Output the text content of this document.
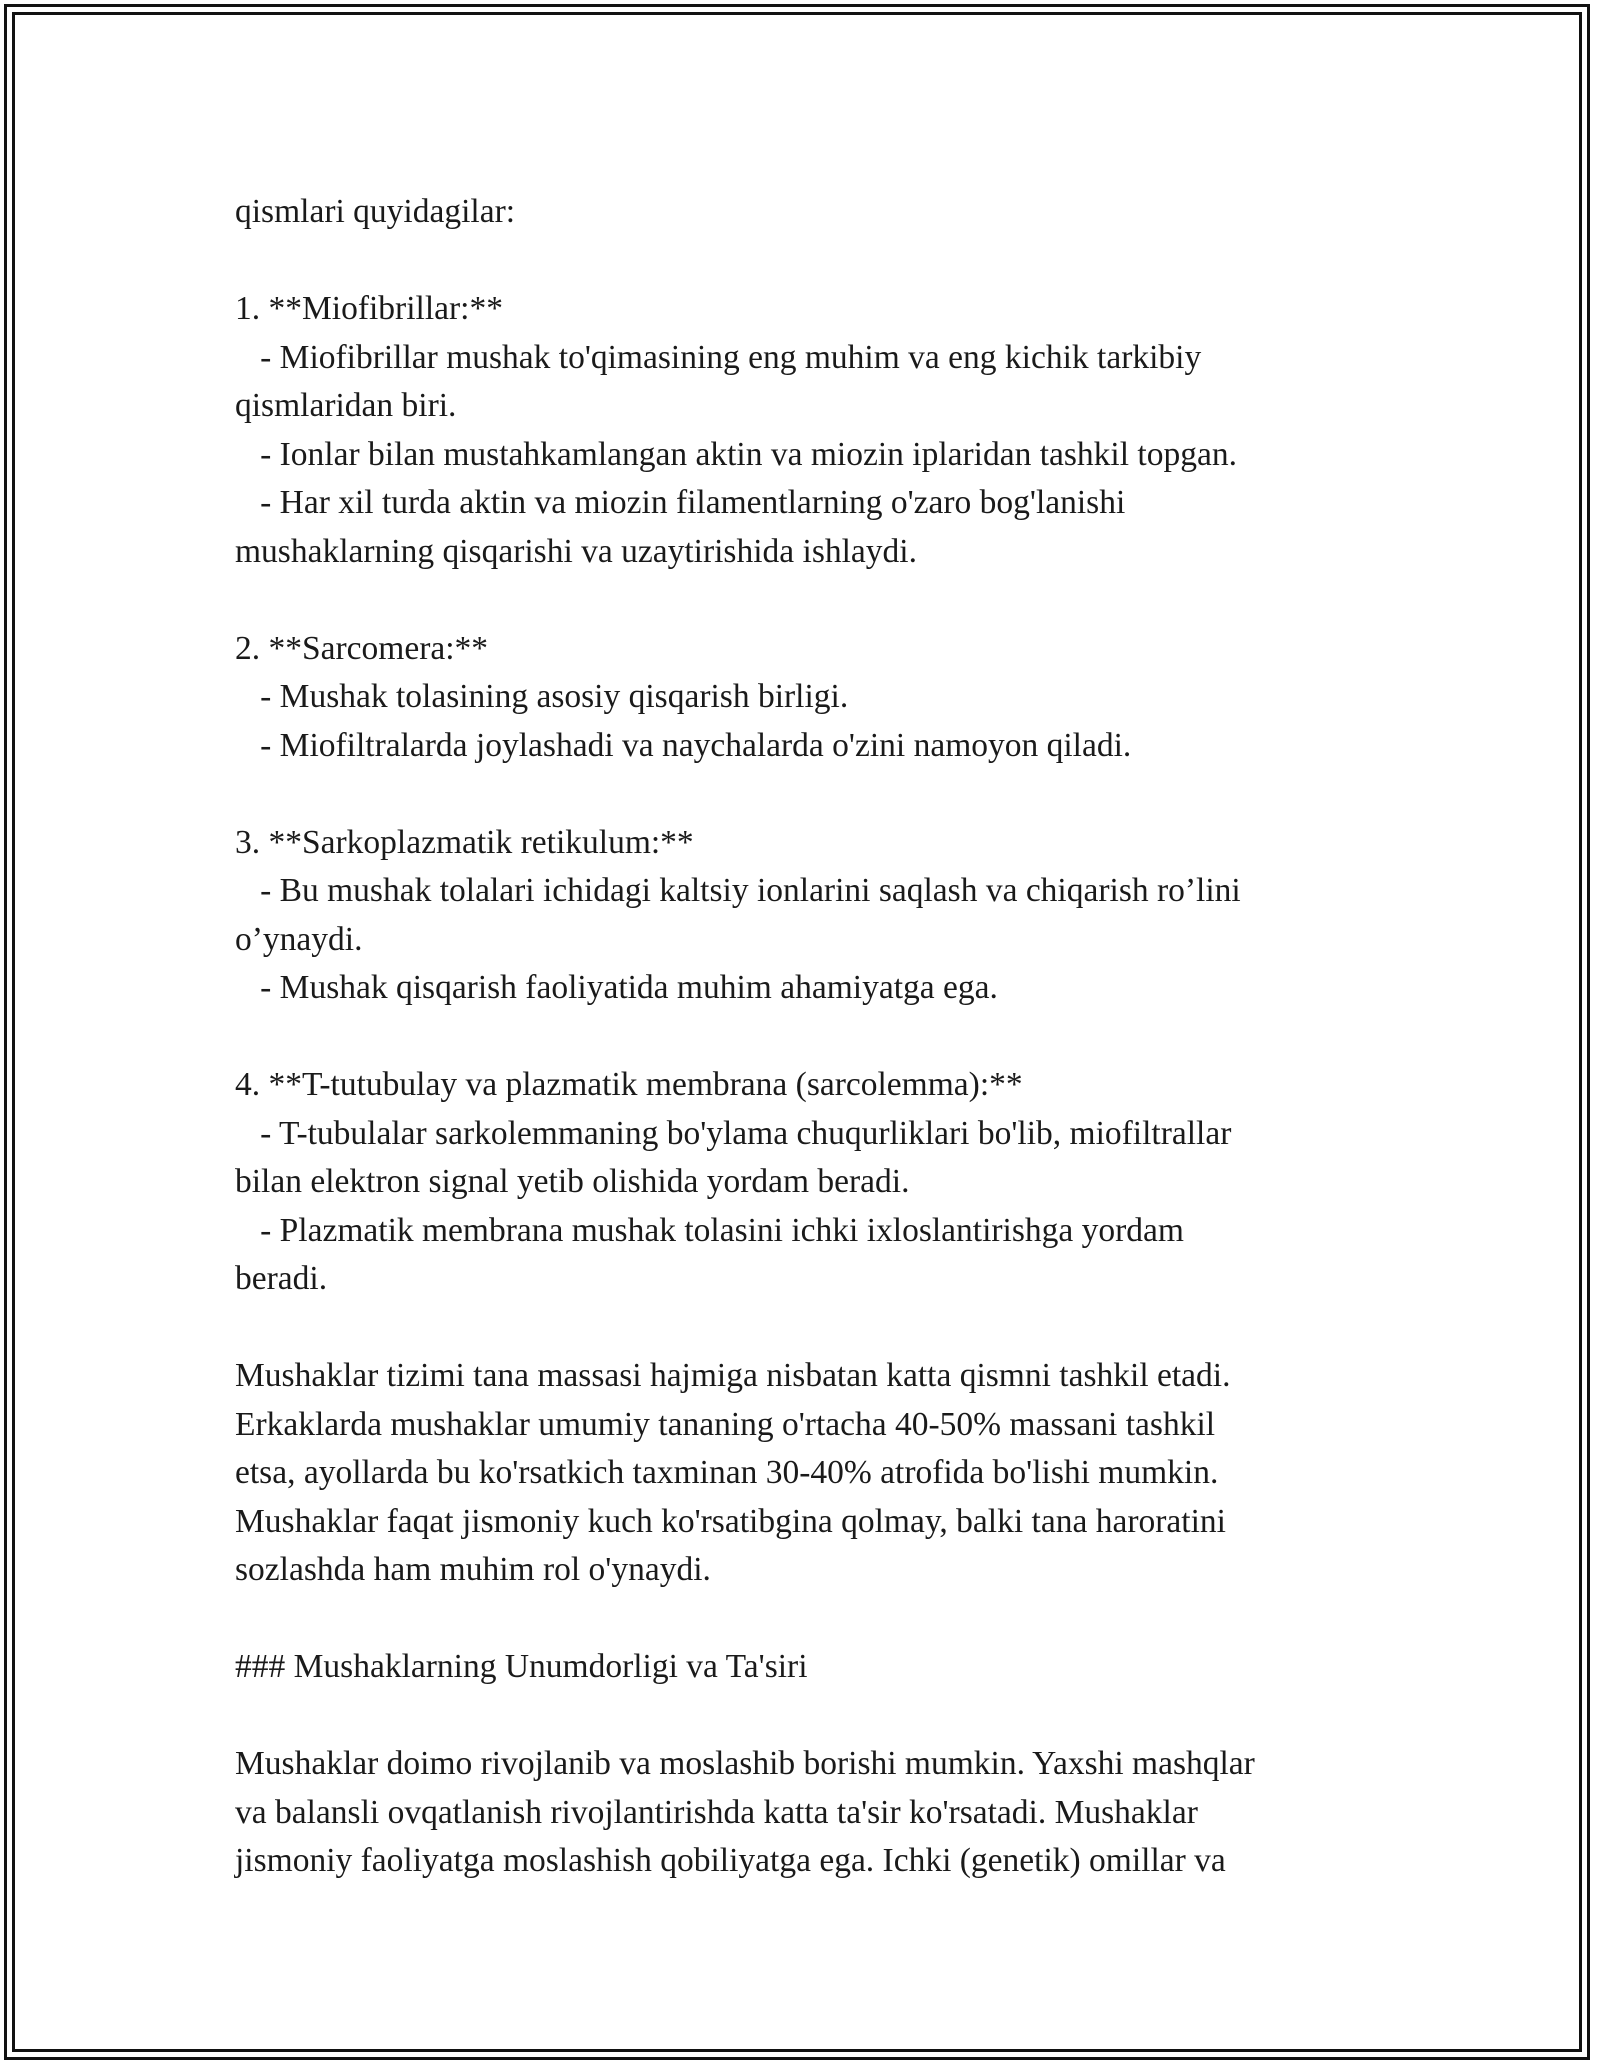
qismlari quyidagilar:
1. **Miofibrillar:**
- Miofibrillar mushak to'qimasining eng muhim va eng kichik tarkibiy
qismlaridan biri.
- Ionlar bilan mustahkamlangan aktin va miozin iplaridan tashkil topgan.
- Har xil turda aktin va miozin filamentlarning o'zaro bog'lanishi
mushaklarning qisqarishi va uzaytirishida ishlaydi.
2. **Sarcomera:**
- Mushak tolasining asosiy qisqarish birligi.
- Miofiltralarda joylashadi va naychalarda o'zini namoyon qiladi.
3. **Sarkoplazmatik retikulum:**
- Bu mushak tolalari ichidagi kaltsiy ionlarini saqlash va chiqarish ro’lini
o’ynaydi.
- Mushak qisqarish faoliyatida muhim ahamiyatga ega.
4. **T-tutubulay va plazmatik membrana (sarcolemma):**
- T-tubulalar sarkolemmaning bo'ylama chuqurliklari bo'lib, miofiltrallar
bilan elektron signal yetib olishida yordam beradi.
- Plazmatik membrana mushak tolasini ichki ixloslantirishga yordam
beradi.
Mushaklar tizimi tana massasi hajmiga nisbatan katta qismni tashkil etadi.
Erkaklarda mushaklar umumiy tananing o'rtacha 40-50% massani tashkil
etsa, ayollarda bu ko'rsatkich taxminan 30-40% atrofida bo'lishi mumkin.
Mushaklar faqat jismoniy kuch ko'rsatibgina qolmay, balki tana haroratini
sozlashda ham muhim rol o'ynaydi.
### Mushaklarning Unumdorligi va Ta'siri
Mushaklar doimo rivojlanib va moslashib borishi mumkin. Yaxshi mashqlar
va balansli ovqatlanish rivojlantirishda katta ta'sir ko'rsatadi. Mushaklar
jismoniy faoliyatga moslashish qobiliyatga ega. Ichki (genetik) omillar va
